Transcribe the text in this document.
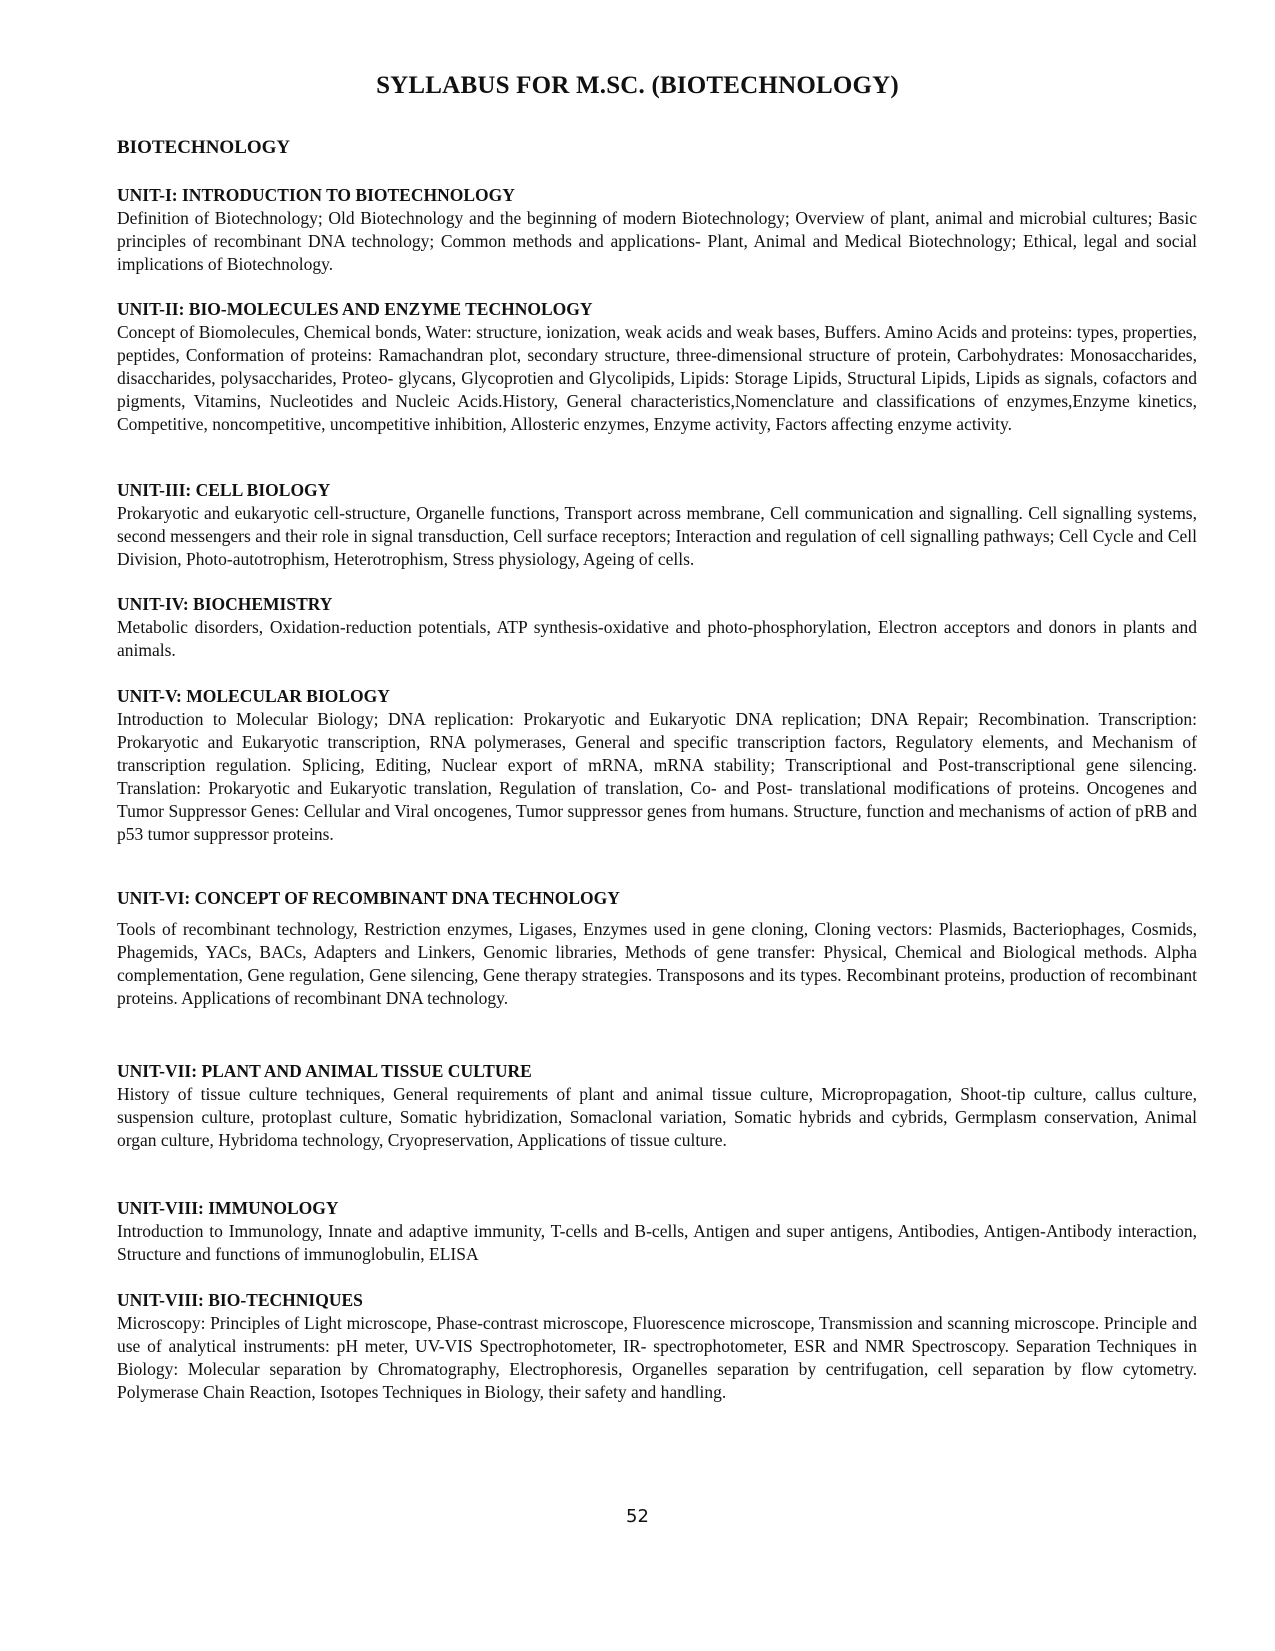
SYLLABUS FOR M.SC. (BIOTECHNOLOGY)
BIOTECHNOLOGY
UNIT-I: INTRODUCTION TO BIOTECHNOLOGY

Definition of Biotechnology; Old Biotechnology and the beginning of modern Biotechnology; Overview of plant, animal and microbial cultures; Basic principles of recombinant DNA technology; Common methods and applications- Plant, Animal and Medical Biotechnology; Ethical, legal and social implications of Biotechnology.

UNIT-II: BIO-MOLECULES AND ENZYME TECHNOLOGY

Concept of Biomolecules, Chemical bonds, Water: structure, ionization, weak acids and weak bases, Buffers. Amino Acids and proteins: types, properties, peptides, Conformation of proteins: Ramachandran plot, secondary structure, three-dimensional structure of protein, Carbohydrates: Monosaccharides, disaccharides, polysaccharides, Proteo- glycans, Glycoprotien and Glycolipids, Lipids: Storage Lipids, Structural Lipids, Lipids as signals, cofactors and pigments, Vitamins, Nucleotides and Nucleic Acids.History, General characteristics,Nomenclature and classifications of enzymes,Enzyme kinetics, Competitive, noncompetitive, uncompetitive inhibition, Allosteric enzymes, Enzyme activity, Factors affecting enzyme activity.

UNIT-III: CELL BIOLOGY

Prokaryotic and eukaryotic cell-structure, Organelle functions, Transport across membrane, Cell communication and signalling. Cell signalling systems, second messengers and their role in signal transduction, Cell surface receptors; Interaction and regulation of cell signalling pathways; Cell Cycle and Cell Division, Photo-autotrophism, Heterotrophism, Stress physiology, Ageing of cells.

UNIT-IV: BIOCHEMISTRY

Metabolic disorders, Oxidation-reduction potentials, ATP synthesis-oxidative and photo-phosphorylation, Electron acceptors and donors in plants and animals.

UNIT-V: MOLECULAR BIOLOGY

Introduction to Molecular Biology; DNA replication: Prokaryotic and Eukaryotic DNA replication; DNA Repair; Recombination. Transcription: Prokaryotic and Eukaryotic transcription, RNA polymerases, General and specific transcription factors, Regulatory elements, and Mechanism of transcription regulation. Splicing, Editing, Nuclear export of mRNA, mRNA stability; Transcriptional and Post-transcriptional gene silencing. Translation: Prokaryotic and Eukaryotic translation, Regulation of translation, Co- and Post- translational modifications of proteins. Oncogenes and Tumor Suppressor Genes: Cellular and Viral oncogenes, Tumor suppressor genes from humans. Structure, function and mechanisms of action of pRB and p53 tumor suppressor proteins.

UNIT-VI: CONCEPT OF RECOMBINANT DNA TECHNOLOGY

Tools of recombinant technology, Restriction enzymes, Ligases, Enzymes used in gene cloning, Cloning vectors: Plasmids, Bacteriophages, Cosmids, Phagemids, YACs, BACs, Adapters and Linkers, Genomic libraries, Methods of gene transfer: Physical, Chemical and Biological methods. Alpha complementation, Gene regulation, Gene silencing, Gene therapy strategies. Transposons and its types. Recombinant proteins, production of recombinant proteins. Applications of recombinant DNA technology.

UNIT-VII: PLANT AND ANIMAL TISSUE CULTURE

History of tissue culture techniques, General requirements of plant and animal tissue culture, Micropropagation, Shoot-tip culture, callus culture, suspension culture, protoplast culture, Somatic hybridization, Somaclonal variation, Somatic hybrids and cybrids, Germplasm conservation, Animal organ culture, Hybridoma technology, Cryopreservation, Applications of tissue culture.

UNIT-VIII: IMMUNOLOGY

Introduction to Immunology, Innate and adaptive immunity, T-cells and B-cells, Antigen and super antigens, Antibodies, Antigen-Antibody interaction, Structure and functions of immunoglobulin, ELISA

UNIT-VIII: BIO-TECHNIQUES

Microscopy: Principles of Light microscope, Phase-contrast microscope, Fluorescence microscope, Transmission and scanning microscope. Principle and use of analytical instruments: pH meter, UV-VIS Spectrophotometer, IR- spectrophotometer, ESR and NMR Spectroscopy. Separation Techniques in Biology: Molecular separation by Chromatography, Electrophoresis, Organelles separation by centrifugation, cell separation by flow cytometry. Polymerase Chain Reaction, Isotopes Techniques in Biology, their safety and handling.

52
